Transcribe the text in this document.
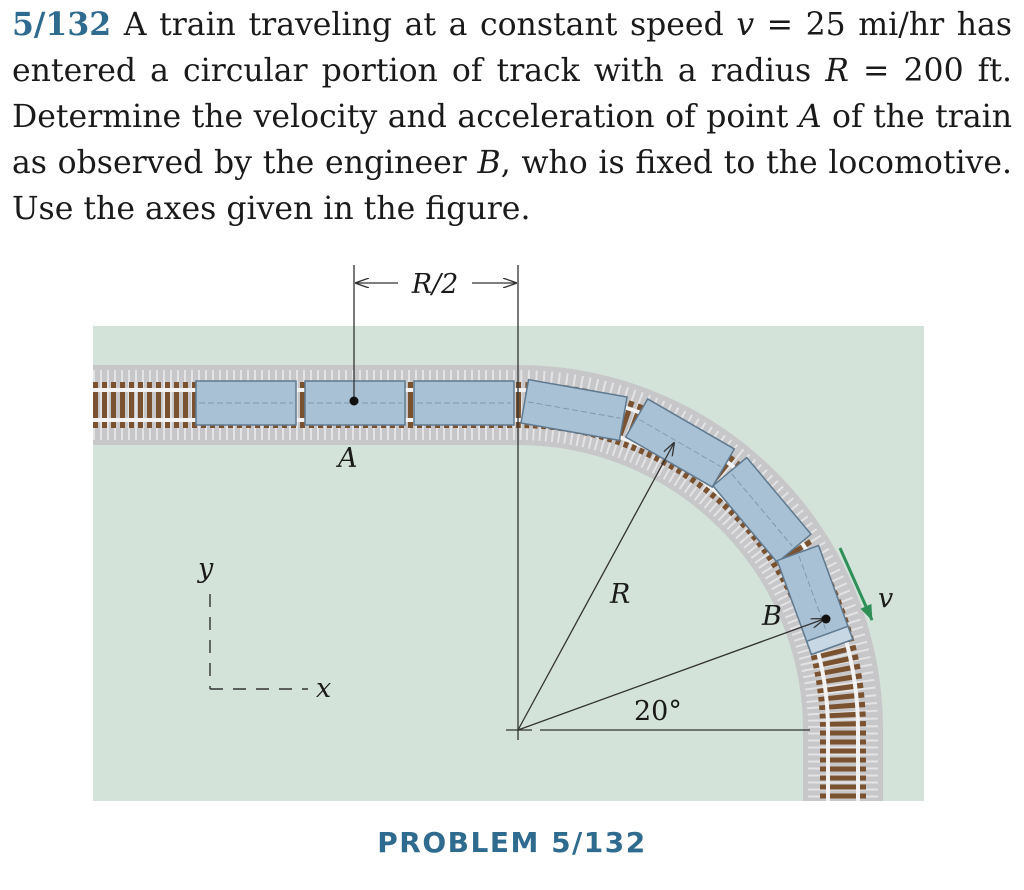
5/132 A train traveling at a constant speed v = 25 mi/hr has entered a circular portion of track with a radius R = 200 ft. Determine the velocity and acceleration of point A of the train as observed by the engineer B, who is fixed to the locomotive. Use the axes given in the figure.

R/2
A
R
B
20°
v
y
x
PROBLEM 5/132
